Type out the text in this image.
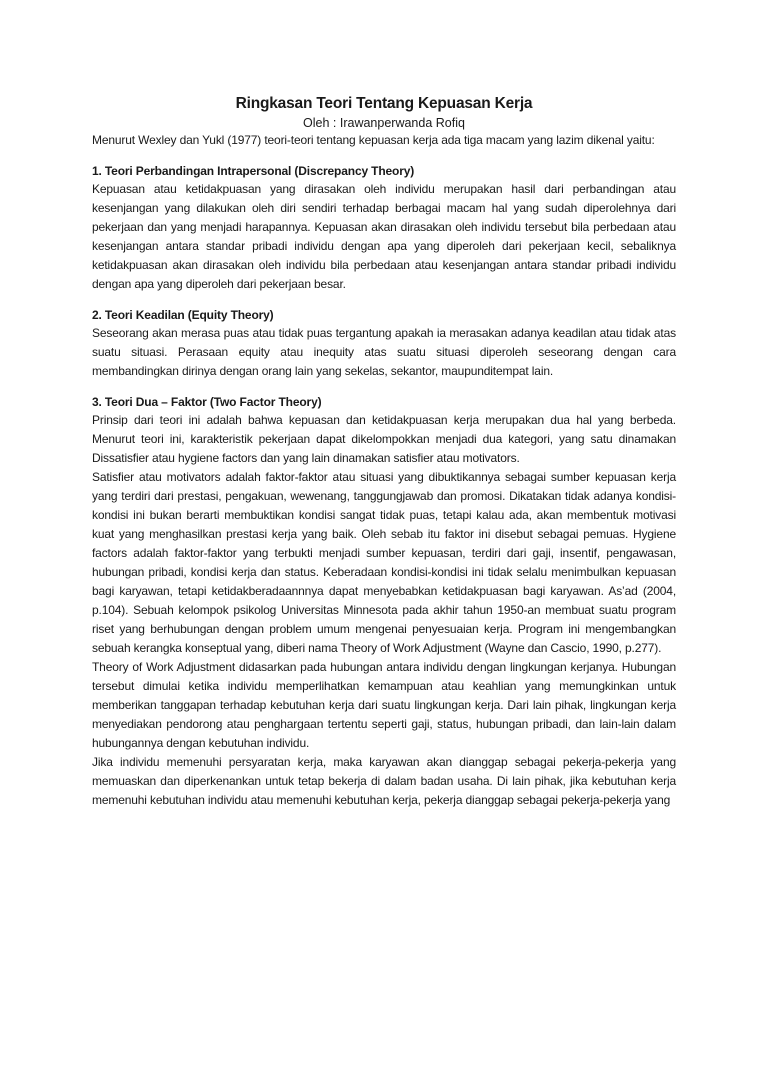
Ringkasan Teori Tentang Kepuasan Kerja
Oleh : Irawanperwanda Rofiq

Menurut Wexley dan Yukl (1977) teori-teori tentang kepuasan kerja ada tiga macam yang lazim dikenal yaitu:

1. Teori Perbandingan Intrapersonal (Discrepancy Theory)

Kepuasan atau ketidakpuasan yang dirasakan oleh individu merupakan hasil dari perbandingan atau kesenjangan yang dilakukan oleh diri sendiri terhadap berbagai macam hal yang sudah diperolehnya dari pekerjaan dan yang menjadi harapannya. Kepuasan akan dirasakan oleh individu tersebut bila perbedaan atau kesenjangan antara standar pribadi individu dengan apa yang diperoleh dari pekerjaan kecil, sebaliknya ketidakpuasan akan dirasakan oleh individu bila perbedaan atau kesenjangan antara standar pribadi individu dengan apa yang diperoleh dari pekerjaan besar.

2. Teori Keadilan (Equity Theory)

Seseorang akan merasa puas atau tidak puas tergantung apakah ia merasakan adanya keadilan atau tidak atas suatu situasi. Perasaan equity atau inequity atas suatu situasi diperoleh seseorang dengan cara membandingkan dirinya dengan orang lain yang sekelas, sekantor, maupunditempat lain.

3. Teori Dua – Faktor (Two Factor Theory)

Prinsip dari teori ini adalah bahwa kepuasan dan ketidakpuasan kerja merupakan dua hal yang berbeda. Menurut teori ini, karakteristik pekerjaan dapat dikelompokkan menjadi dua kategori, yang satu dinamakan Dissatisfier atau hygiene factors dan yang lain dinamakan satisfier atau motivators.

Satisfier atau motivators adalah faktor-faktor atau situasi yang dibuktikannya sebagai sumber kepuasan kerja yang terdiri dari prestasi, pengakuan, wewenang, tanggungjawab dan promosi. Dikatakan tidak adanya kondisi-kondisi ini bukan berarti membuktikan kondisi sangat tidak puas, tetapi kalau ada, akan membentuk motivasi kuat yang menghasilkan prestasi kerja yang baik. Oleh sebab itu faktor ini disebut sebagai pemuas. Hygiene factors adalah faktor-faktor yang terbukti menjadi sumber kepuasan, terdiri dari gaji, insentif, pengawasan, hubungan pribadi, kondisi kerja dan status. Keberadaan kondisi-kondisi ini tidak selalu menimbulkan kepuasan bagi karyawan, tetapi ketidakberadaannnya dapat menyebabkan ketidakpuasan bagi karyawan. As’ad (2004, p.104). Sebuah kelompok psikolog Universitas Minnesota pada akhir tahun 1950-an membuat suatu program riset yang berhubungan dengan problem umum mengenai penyesuaian kerja. Program ini mengembangkan sebuah kerangka konseptual yang, diberi nama Theory of Work Adjustment (Wayne dan Cascio, 1990, p.277).

Theory of Work Adjustment didasarkan pada hubungan antara individu dengan lingkungan kerjanya. Hubungan tersebut dimulai ketika individu memperlihatkan kemampuan atau keahlian yang memungkinkan untuk memberikan tanggapan terhadap kebutuhan kerja dari suatu lingkungan kerja. Dari lain pihak, lingkungan kerja menyediakan pendorong atau penghargaan tertentu seperti gaji, status, hubungan pribadi, dan lain-lain dalam hubungannya dengan kebutuhan individu.

Jika individu memenuhi persyaratan kerja, maka karyawan akan dianggap sebagai pekerja-pekerja yang memuaskan dan diperkenankan untuk tetap bekerja di dalam badan usaha. Di lain pihak, jika kebutuhan kerja memenuhi kebutuhan individu atau memenuhi kebutuhan kerja, pekerja dianggap sebagai pekerja-pekerja yang
